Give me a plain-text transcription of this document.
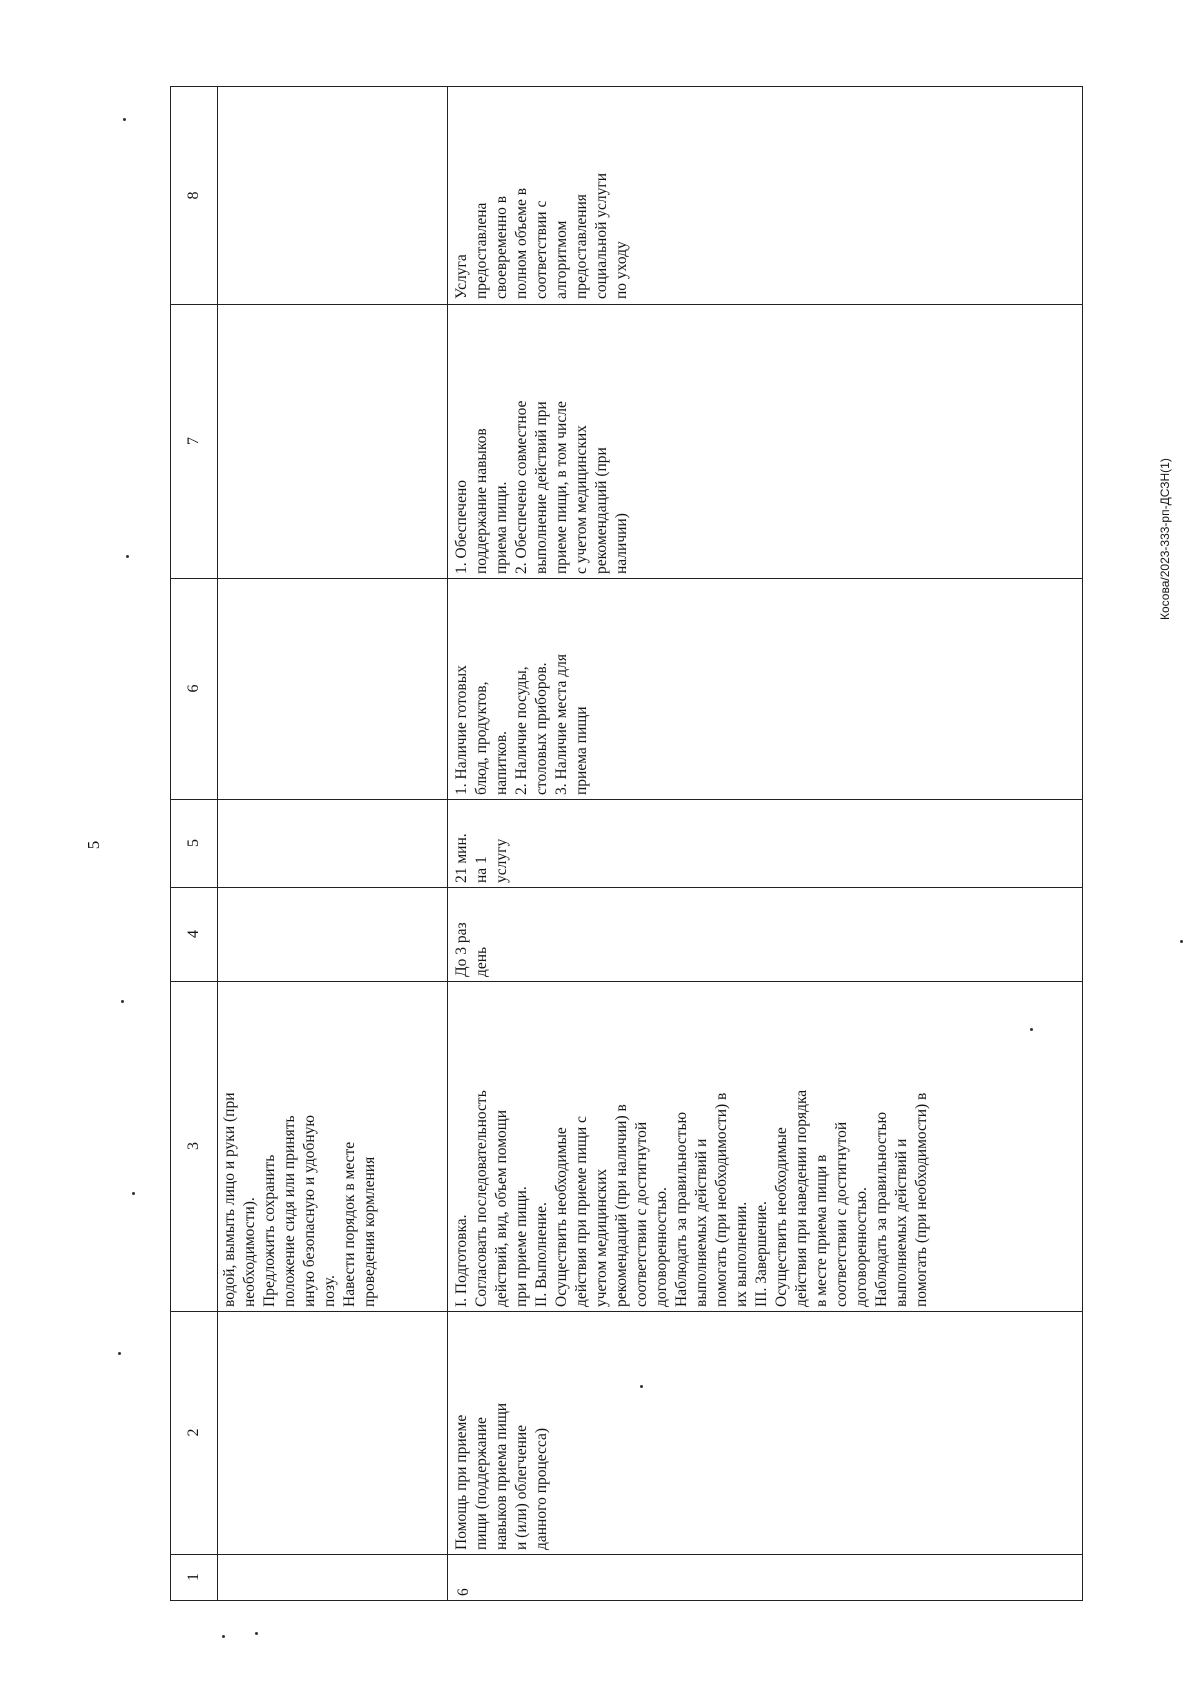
5
Косова/2023-333-рп-ДСЗН(1)
8
7
6
5
4
3
2
1
водой, вымыть лицо и руки (при
необходимости).
Предложить сохранить
положение сидя или принять
иную безопасную и удобную
позу.
Навести порядок в месте
проведения кормления
6
Помощь при приеме
пищи (поддержание
навыков приема пищи
и (или) облегчение
данного процесса)
I. Подготовка.
Согласовать последовательность
действий, вид, объем помощи
при приеме пищи.
II. Выполнение.
Осуществить необходимые
действия при приеме пищи с
учетом медицинских
рекомендаций (при наличии) в
соответствии с достигнутой
договоренностью.
Наблюдать за правильностью
выполняемых действий и
помогать (при необходимости) в
их выполнении.
III. Завершение.
Осуществить необходимые
действия при наведении порядка
в месте приема пищи в
соответствии с достигнутой
договоренностью.
Наблюдать за правильностью
выполняемых действий и
помогать (при необходимости) в
До 3 раз
день
21 мин.
на 1
услугу
1. Наличие готовых
блюд, продуктов,
напитков.
2. Наличие посуды,
столовых приборов.
3. Наличие места для
приема пищи
1. Обеспечено
поддержание навыков
приема пищи.
2. Обеспечено совместное
выполнение действий при
приеме пищи, в том числе
с учетом медицинских
рекомендаций (при
наличии)
Услуга
предоставлена
своевременно в
полном объеме в
соответствии с
алгоритмом
предоставления
социальной услуги
по уходу
